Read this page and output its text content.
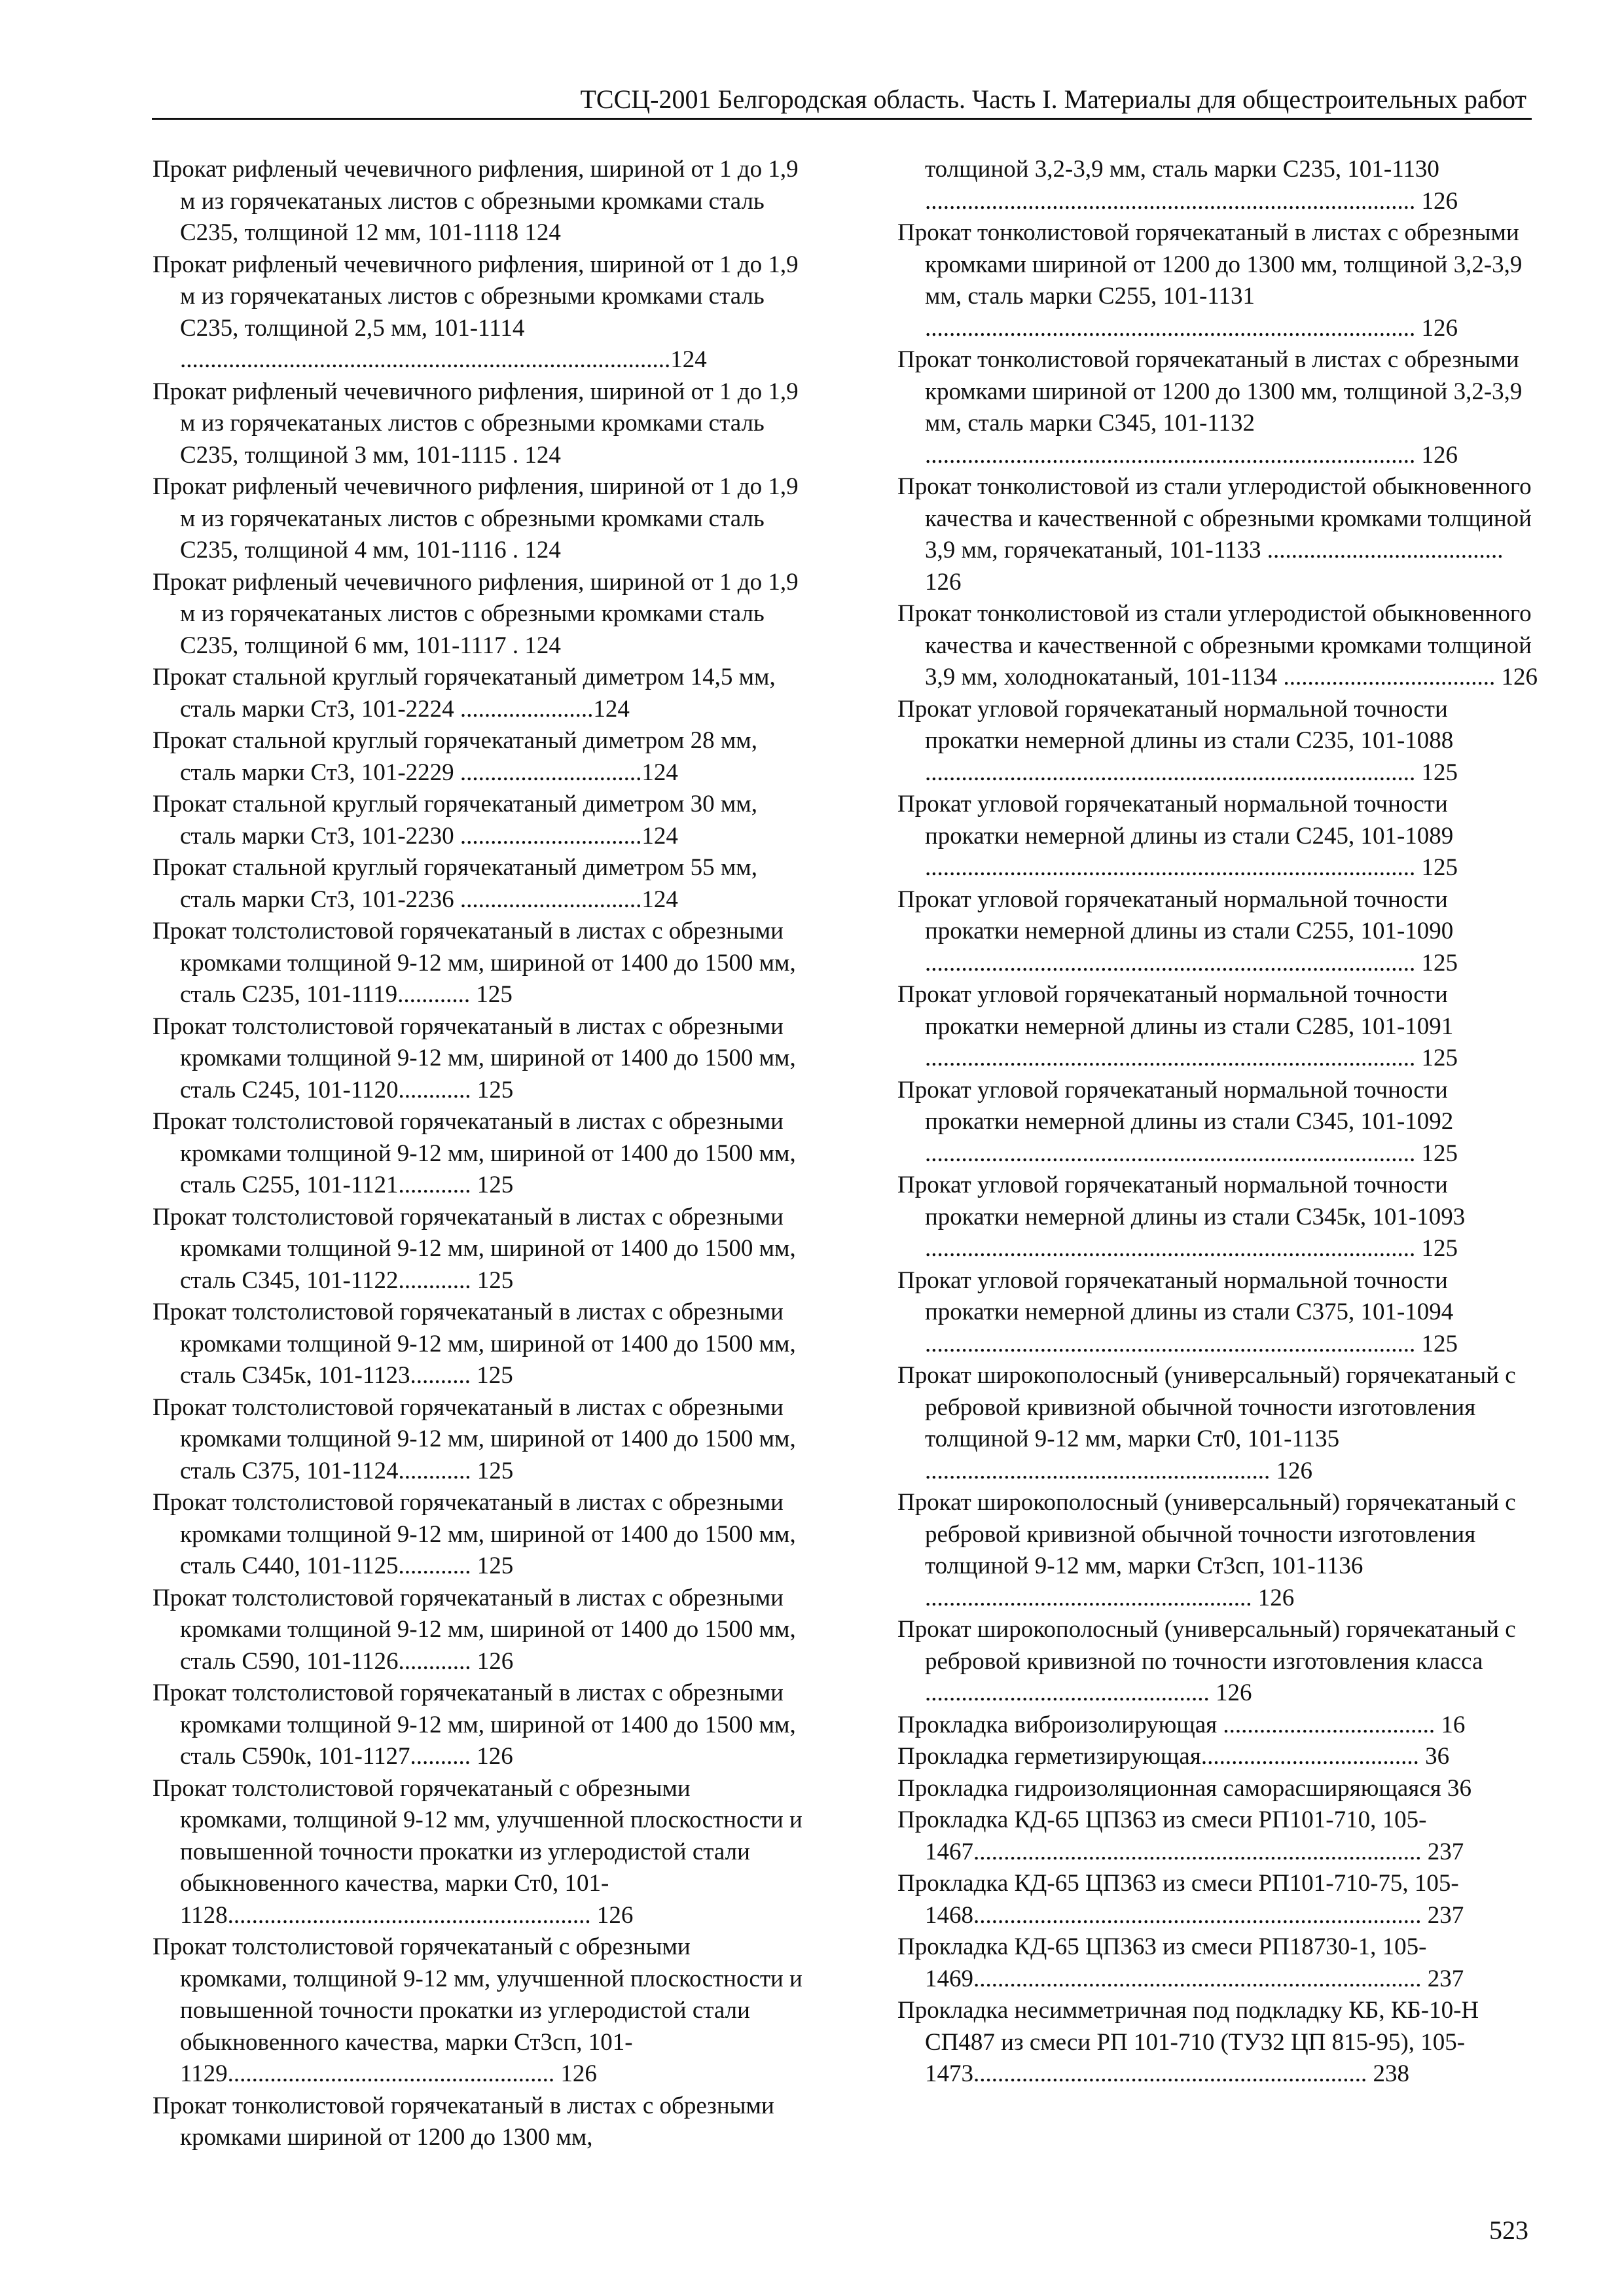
ТССЦ-2001 Белгородская область. Часть I. Материалы для общестроительных работ

Прокат рифленый чечевичного рифления, шириной от 1 до 1,9 м из горячекатаных листов с обрезными кромками сталь С235, толщиной 12 мм, 101-1118 124

Прокат рифленый чечевичного рифления, шириной от 1 до 1,9 м из горячекатаных листов с обрезными кромками сталь С235, толщиной 2,5 мм, 101-1114 .................................................................................124

Прокат рифленый чечевичного рифления, шириной от 1 до 1,9 м из горячекатаных листов с обрезными кромками сталь С235, толщиной 3 мм, 101-1115 . 124

Прокат рифленый чечевичного рифления, шириной от 1 до 1,9 м из горячекатаных листов с обрезными кромками сталь С235, толщиной 4 мм, 101-1116 . 124

Прокат рифленый чечевичного рифления, шириной от 1 до 1,9 м из горячекатаных листов с обрезными кромками сталь С235, толщиной 6 мм, 101-1117 . 124

Прокат стальной круглый горячекатаный диметром 14,5 мм, сталь марки Ст3, 101-2224 ......................124

Прокат стальной круглый горячекатаный диметром 28 мм, сталь марки Ст3, 101-2229 ..............................124

Прокат стальной круглый горячекатаный диметром 30 мм, сталь марки Ст3, 101-2230 ..............................124

Прокат стальной круглый горячекатаный диметром 55 мм, сталь марки Ст3, 101-2236 ..............................124

Прокат толстолистовой горячекатаный в листах с обрезными кромками толщиной 9-12 мм, шириной от 1400 до 1500 мм, сталь С235, 101-1119............ 125

Прокат толстолистовой горячекатаный в листах с обрезными кромками толщиной 9-12 мм, шириной от 1400 до 1500 мм, сталь С245, 101-1120............ 125

Прокат толстолистовой горячекатаный в листах с обрезными кромками толщиной 9-12 мм, шириной от 1400 до 1500 мм, сталь С255, 101-1121............ 125

Прокат толстолистовой горячекатаный в листах с обрезными кромками толщиной 9-12 мм, шириной от 1400 до 1500 мм, сталь С345, 101-1122............ 125

Прокат толстолистовой горячекатаный в листах с обрезными кромками толщиной 9-12 мм, шириной от 1400 до 1500 мм, сталь С345к, 101-1123.......... 125

Прокат толстолистовой горячекатаный в листах с обрезными кромками толщиной 9-12 мм, шириной от 1400 до 1500 мм, сталь С375, 101-1124............ 125

Прокат толстолистовой горячекатаный в листах с обрезными кромками толщиной 9-12 мм, шириной от 1400 до 1500 мм, сталь С440, 101-1125............ 125

Прокат толстолистовой горячекатаный в листах с обрезными кромками толщиной 9-12 мм, шириной от 1400 до 1500 мм, сталь С590, 101-1126............ 126

Прокат толстолистовой горячекатаный в листах с обрезными кромками толщиной 9-12 мм, шириной от 1400 до 1500 мм, сталь С590к, 101-1127.......... 126

Прокат толстолистовой горячекатаный с обрезными кромками, толщиной 9-12 мм, улучшенной плоскостности и повышенной точности прокатки из углеродистой стали обыкновенного качества, марки Ст0, 101-1128............................................................ 126

Прокат толстолистовой горячекатаный с обрезными кромками, толщиной 9-12 мм, улучшенной плоскостности и повышенной точности прокатки из углеродистой стали обыкновенного качества, марки Ст3сп, 101-1129...................................................... 126

Прокат тонколистовой горячекатаный в листах с обрезными кромками шириной от 1200 до 1300 мм,

толщиной 3,2-3,9 мм, сталь марки С235, 101-1130 ................................................................................. 126

Прокат тонколистовой горячекатаный в листах с обрезными кромками шириной от 1200 до 1300 мм, толщиной 3,2-3,9 мм, сталь марки С255, 101-1131 ................................................................................. 126

Прокат тонколистовой горячекатаный в листах с обрезными кромками шириной от 1200 до 1300 мм, толщиной 3,2-3,9 мм, сталь марки С345, 101-1132 ................................................................................. 126

Прокат тонколистовой из стали углеродистой обыкновенного качества и качественной с обрезными кромками толщиной 3,9 мм, горячекатаный, 101-1133 ....................................... 126

Прокат тонколистовой из стали углеродистой обыкновенного качества и качественной с обрезными кромками толщиной 3,9 мм, холоднокатаный, 101-1134 ................................... 126

Прокат угловой горячекатаный нормальной точности прокатки немерной длины из стали С235, 101-1088 ................................................................................. 125

Прокат угловой горячекатаный нормальной точности прокатки немерной длины из стали С245, 101-1089 ................................................................................. 125

Прокат угловой горячекатаный нормальной точности прокатки немерной длины из стали С255, 101-1090 ................................................................................. 125

Прокат угловой горячекатаный нормальной точности прокатки немерной длины из стали С285, 101-1091 ................................................................................. 125

Прокат угловой горячекатаный нормальной точности прокатки немерной длины из стали С345, 101-1092 ................................................................................. 125

Прокат угловой горячекатаный нормальной точности прокатки немерной длины из стали С345к, 101-1093 ................................................................................. 125

Прокат угловой горячекатаный нормальной точности прокатки немерной длины из стали С375, 101-1094 ................................................................................. 125

Прокат широкополосный (универсальный) горячекатаный с ребровой кривизной обычной точности изготовления толщиной 9-12 мм, марки Ст0, 101-1135 ......................................................... 126

Прокат широкополосный (универсальный) горячекатаный с ребровой кривизной обычной точности изготовления толщиной 9-12 мм, марки Ст3сп, 101-1136 ...................................................... 126

Прокат широкополосный (универсальный) горячекатаный с ребровой кривизной по точности изготовления класса ............................................... 126

Прокладка виброизолирующая ................................... 16

Прокладка герметизирующая.................................... 36

Прокладка гидроизоляционная саморасширяющаяся 36

Прокладка КД-65 ЦП363 из смеси РП101-710, 105-1467.......................................................................... 237

Прокладка КД-65 ЦП363 из смеси РП101-710-75, 105-1468.......................................................................... 237

Прокладка КД-65 ЦП363 из смеси РП18730-1, 105-1469.......................................................................... 237

Прокладка несимметричная под подкладку КБ, КБ-10-Н СП487 из смеси РП 101-710 (ТУ32 ЦП 815-95), 105-1473................................................................. 238

523
